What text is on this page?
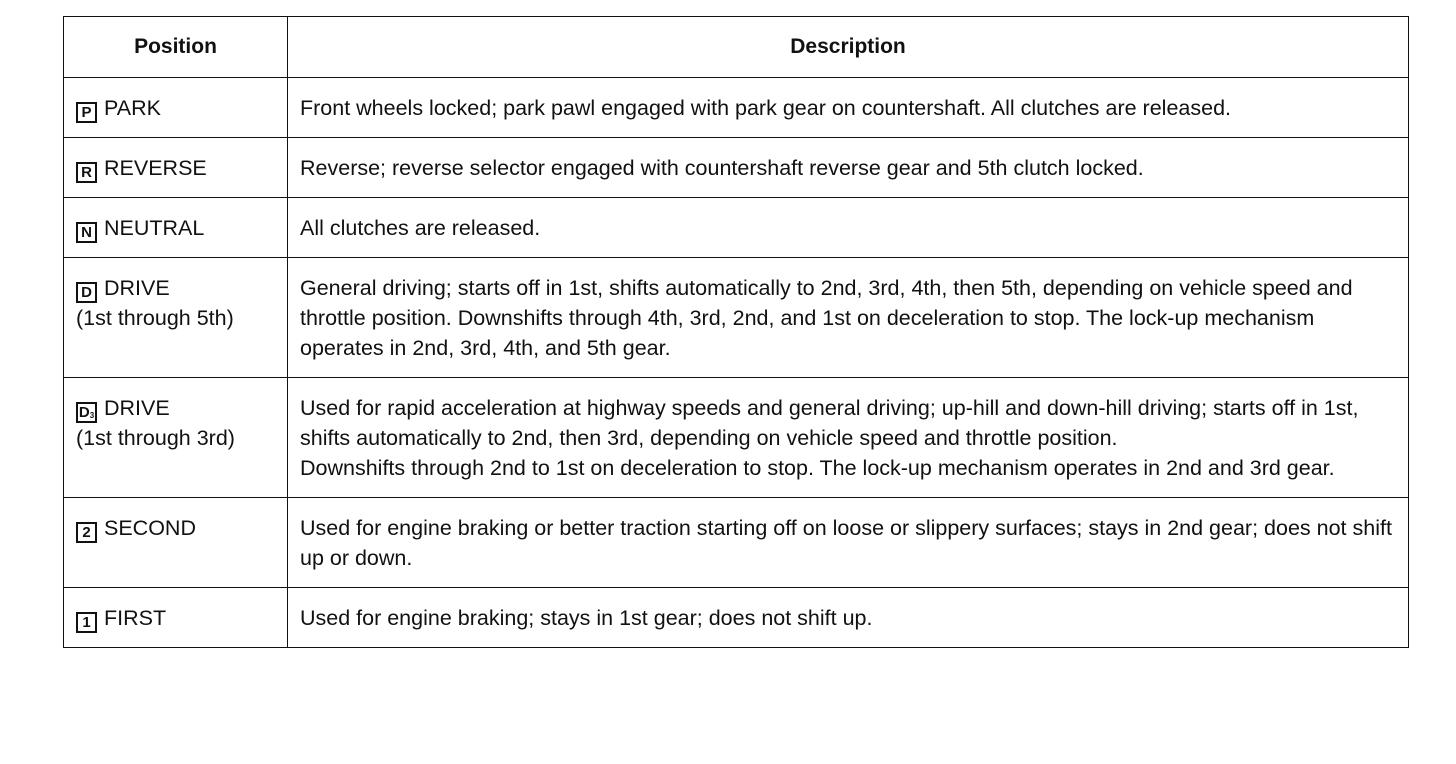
Position	Description
P PARK	Front wheels locked; park pawl engaged with park gear on countershaft. All clutches are released.

R REVERSE	Reverse; reverse selector engaged with countershaft reverse gear and 5th clutch locked.

N NEUTRAL	All clutches are released.

D DRIVE
(1st through 5th)	General driving; starts off in 1st, shifts automatically to 2nd, 3rd, 4th, then 5th, depending on vehicle speed and throttle position. Downshifts through 4th, 3rd, 2nd, and 1st on deceleration to stop. The lock-up mechanism operates in 2nd, 3rd, 4th, and 5th gear.

$D_3$ DRIVE
(1st through 3rd)	Used for rapid acceleration at highway speeds and general driving; up-hill and down-hill driving; starts off in 1st, shifts automatically to 2nd, then 3rd, depending on vehicle speed and throttle position.
Downshifts through 2nd to 1st on deceleration to stop. The lock-up mechanism operates in 2nd and 3rd gear.

2 SECOND	Used for engine braking or better traction starting off on loose or slippery surfaces; stays in 2nd gear; does not shift up or down.

1 FIRST	Used for engine braking; stays in 1st gear; does not shift up.
